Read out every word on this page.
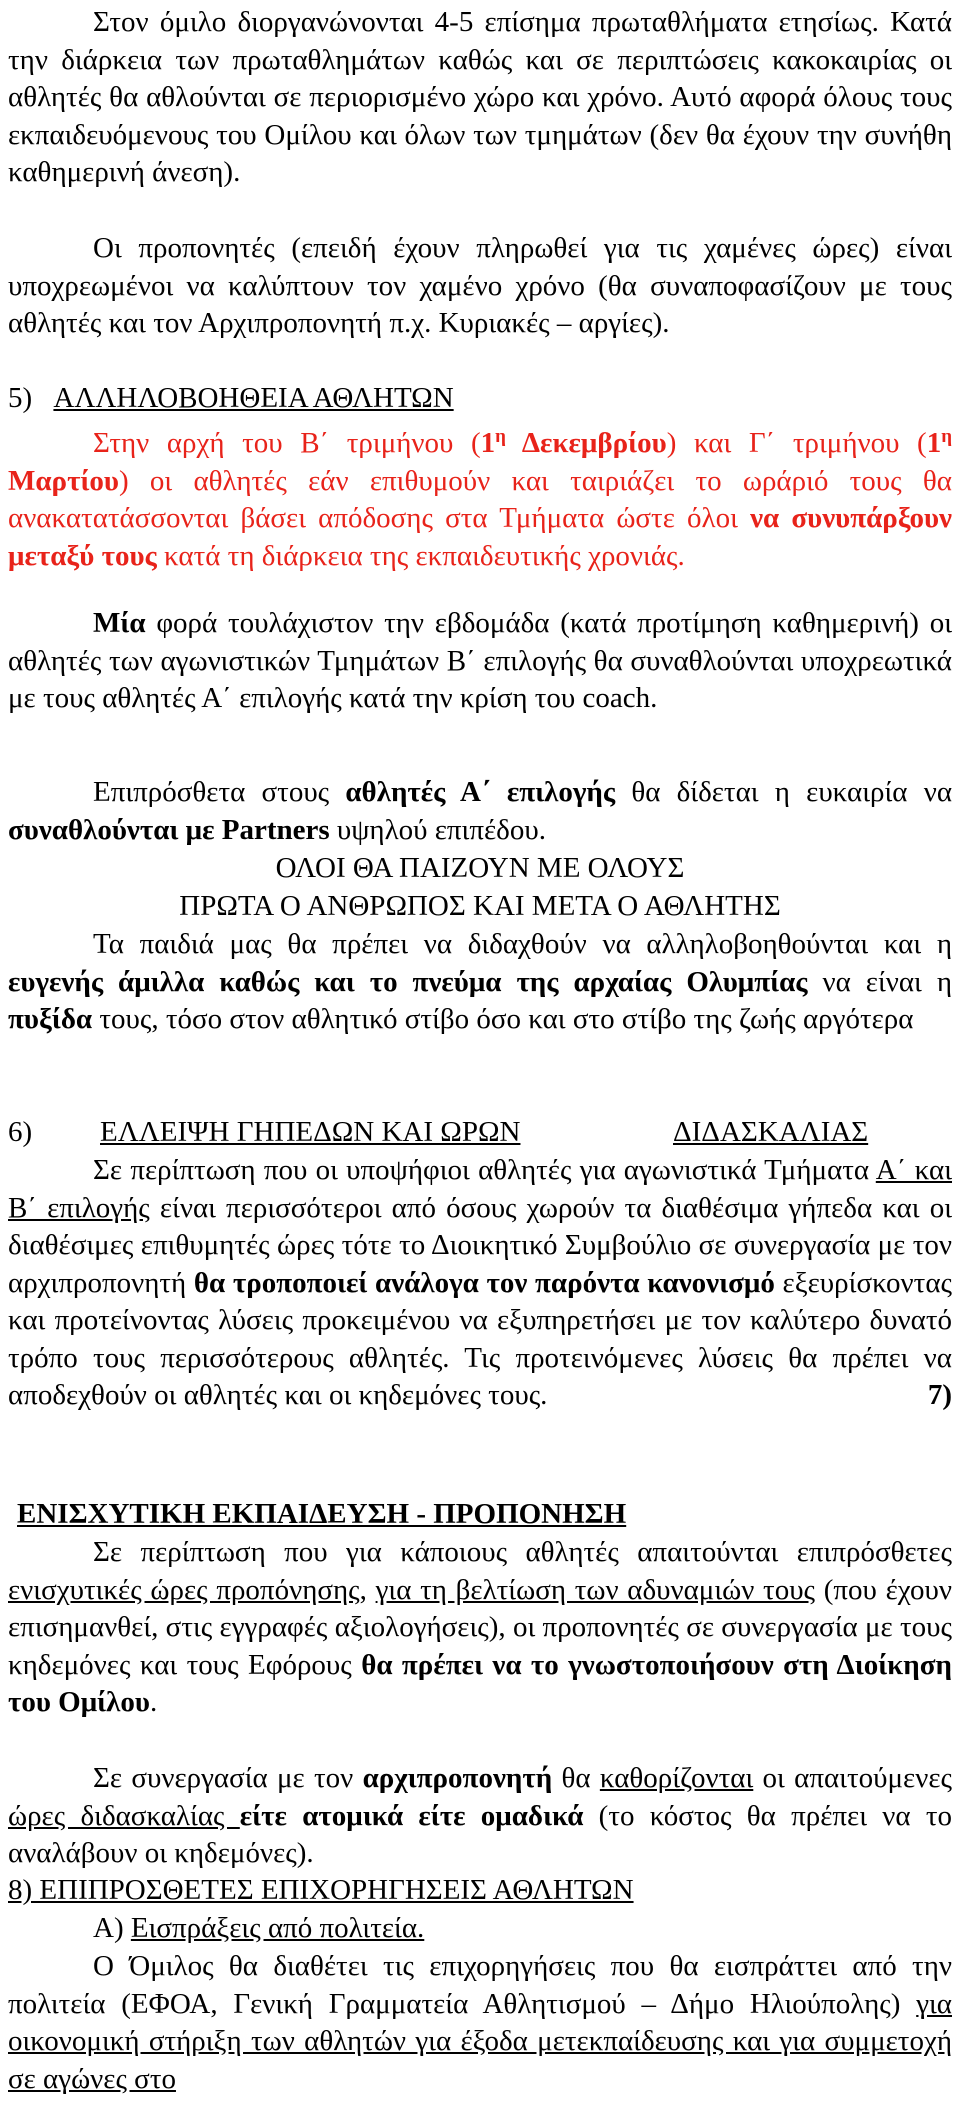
Στον όμιλο διοργανώνονται 4-5 επίσημα πρωταθλήματα ετησίως. Κατά την διάρκεια των πρωταθλημάτων καθώς και σε περιπτώσεις κακοκαιρίας οι αθλητές θα αθλούνται σε περιορισμένο χώρο και χρόνο. Αυτό αφορά όλους τους εκπαιδευόμενους του Ομίλου και όλων των τμημάτων (δεν θα έχουν την συνήθη καθημερινή άνεση).

Οι προπονητές (επειδή έχουν πληρωθεί για τις χαμένες ώρες) είναι υποχρεωμένοι να καλύπτουν τον χαμένο χρόνο (θα συναποφασίζουν με τους αθλητές και τον Αρχιπροπονητή π.χ. Κυριακές – αργίες).

5) ΑΛΛΗΛΟΒΟΗΘΕΙΑ ΑΘΛΗΤΩΝ

Στην αρχή του Β΄ τριμήνου ($1^\eta$ Δεκεμβρίου) και Γ΄ τριμήνου ($1^\eta$ Μαρτίου) οι αθλητές εάν επιθυμούν και ταιριάζει το ωράριό τους θα ανακατατάσσονται βάσει απόδοσης στα Τμήματα ώστε όλοι να συνυπάρξουν μεταξύ τους κατά τη διάρκεια της εκπαιδευτικής χρονιάς.

Μία φορά τουλάχιστον την εβδομάδα (κατά προτίμηση καθημερινή) οι αθλητές των αγωνιστικών Τμημάτων Β΄ επιλογής θα συναθλούνται υποχρεωτικά με τους αθλητές Α΄ επιλογής κατά την κρίση του coach.

Επιπρόσθετα στους αθλητές Α΄ επιλογής θα δίδεται η ευκαιρία να συναθλούνται με Partners υψηλού επιπέδου.

ΟΛΟΙ ΘΑ ΠΑΙΖΟΥΝ ΜΕ ΟΛΟΥΣ
ΠΡΩΤΑ Ο ΑΝΘΡΩΠΟΣ ΚΑΙ ΜΕΤΑ Ο ΑΘΛΗΤΗΣ

Τα παιδιά μας θα πρέπει να διδαχθούν να αλληλοβοηθούνται και η ευγενής άμιλλα καθώς και το πνεύμα της αρχαίας Ολυμπίας να είναι η πυξίδα τους, τόσο στον αθλητικό στίβο όσο και στο στίβο της ζωής αργότερα

6) ΕΛΛΕΙΨΗ ΓΗΠΕΔΩΝ ΚΑΙ ΩΡΩΝ	ΔΙΔΑΣΚΑΛΙΑΣ

Σε περίπτωση που οι υποψήφιοι αθλητές για αγωνιστικά Τμήματα Α΄ και Β΄ επιλογής είναι περισσότεροι από όσους χωρούν τα διαθέσιμα γήπεδα και οι διαθέσιμες επιθυμητές ώρες τότε το Διοικητικό Συμβούλιο σε συνεργασία με τον αρχιπροπονητή θα τροποποιεί ανάλογα τον παρόντα κανονισμό εξευρίσκοντας και προτείνοντας λύσεις προκειμένου να εξυπηρετήσει με τον καλύτερο δυνατό τρόπο τους περισσότερους αθλητές. Τις προτεινόμενες λύσεις θα πρέπει να αποδεχθούν οι αθλητές και οι κηδεμόνες τους.	7)

ΕΝΙΣΧΥΤΙΚΗ ΕΚΠΑΙΔΕΥΣΗ - ΠΡΟΠΟΝΗΣΗ

Σε περίπτωση που για κάποιους αθλητές απαιτούνται επιπρόσθετες ενισχυτικές ώρες προπόνησης, για τη βελτίωση των αδυναμιών τους (που έχουν επισημανθεί, στις εγγραφές αξιολογήσεις), οι προπονητές σε συνεργασία με τους κηδεμόνες και τους Εφόρους θα πρέπει να το γνωστοποιήσουν στη Διοίκηση του Ομίλου.

Σε συνεργασία με τον αρχιπροπονητή θα καθορίζονται οι απαιτούμενες ώρες διδασκαλίας είτε ατομικά είτε ομαδικά (το κόστος θα πρέπει να το αναλάβουν οι κηδεμόνες).

8) ΕΠΙΠΡΟΣΘΕΤΕΣ ΕΠΙΧΟΡΗΓΗΣΕΙΣ ΑΘΛΗΤΩΝ
Α) Εισπράξεις από πολιτεία.

Ο Όμιλος θα διαθέτει τις επιχορηγήσεις που θα εισπράττει από την πολιτεία (ΕΦΟΑ, Γενική Γραμματεία Αθλητισμού – Δήμο Ηλιούπολης) για οικονομική στήριξη των αθλητών για έξοδα μετεκπαίδευσης και για συμμετοχή σε αγώνες στο
